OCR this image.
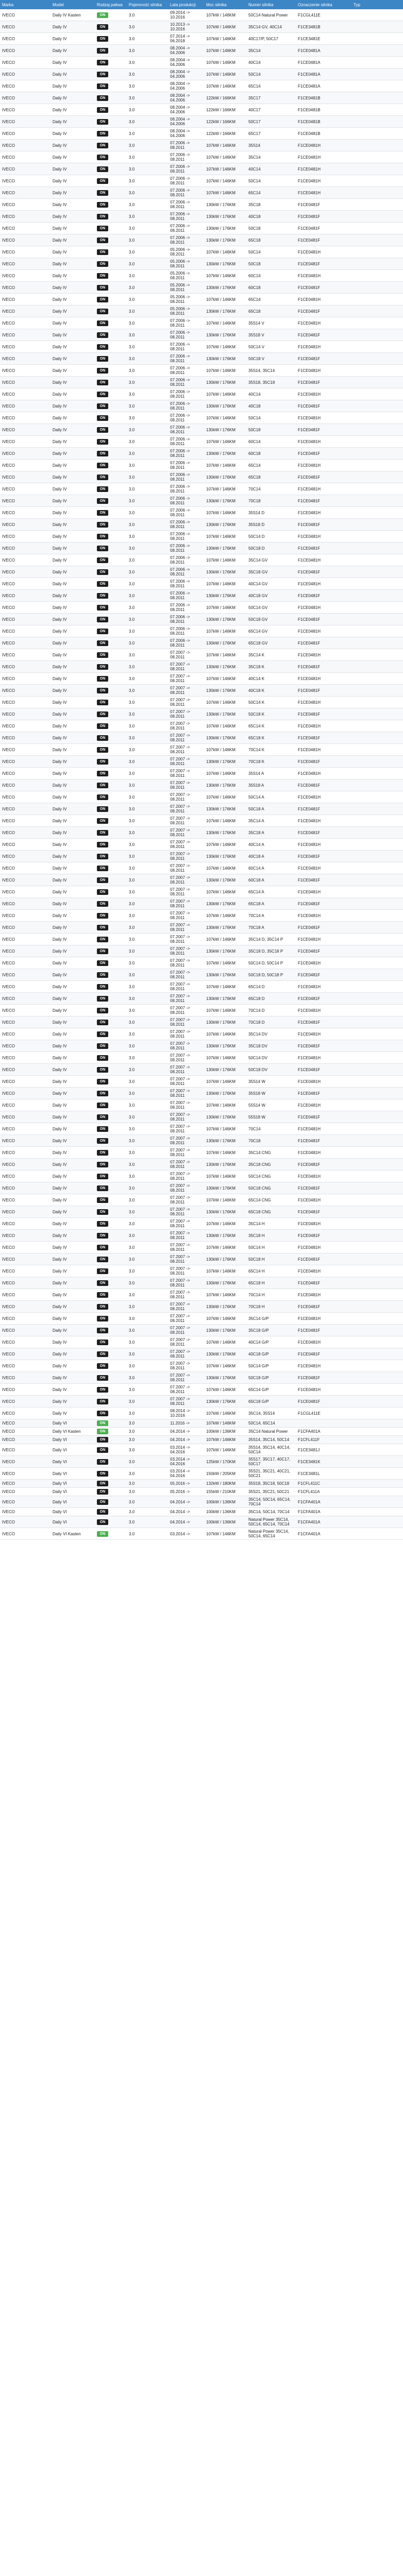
Marka	Model	Rodzaj paliwa	Pojemność silnika	Lata produkcji	Moc silnika	Numer silnika	Oznaczenie silnika	Typ
IVECO	Daily IV Kasten	ON	3.0	09.2014 -> 10.2016	107kW / 146KM	50C14 Natural Power	F1CGL411E	
IVECO	Daily IV	ON	3.0	10.2013 -> 10.2016	107kW / 146KM	35C14 GV, 40C14	F1CE3481B	
IVECO	Daily IV	ON	3.0	07.2014 -> 06.2018	107kW / 146KM	40C17/P, 50C17	F1CE3481E	
IVECO	Daily IV	ON	3.0	08.2004 -> 04.2006	107kW / 146KM	35C14	F1CE0481A	
IVECO	Daily IV	ON	3.0	08.2004 -> 04.2006	107kW / 146KM	40C14	F1CE0481A	
IVECO	Daily IV	ON	3.0	08.2004 -> 04.2006	107kW / 146KM	50C14	F1CE0481A	
IVECO	Daily IV	ON	3.0	08.2004 -> 04.2006	107kW / 146KM	65C14	F1CE0481A	
IVECO	Daily IV	ON	3.0	08.2004 -> 04.2006	122kW / 166KM	35C17	F1CE0481B	
IVECO	Daily IV	ON	3.0	08.2004 -> 04.2006	122kW / 166KM	40C17	F1CE0481B	
IVECO	Daily IV	ON	3.0	08.2004 -> 04.2006	122kW / 166KM	50C17	F1CE0481B	
IVECO	Daily IV	ON	3.0	08.2004 -> 04.2006	122kW / 166KM	65C17	F1CE0481B	
IVECO	Daily IV	ON	3.0	07.2006 -> 08.2011	107kW / 146KM	35S14	F1CE0481H	
IVECO	Daily IV	ON	3.0	07.2006 -> 08.2011	107kW / 146KM	35C14	F1CE0481H	
IVECO	Daily IV	ON	3.0	07.2006 -> 08.2011	107kW / 146KM	40C14	F1CE0481H	
IVECO	Daily IV	ON	3.0	07.2006 -> 08.2011	107kW / 146KM	50C14	F1CE0481H	
IVECO	Daily IV	ON	3.0	07.2006 -> 08.2011	107kW / 146KM	65C14	F1CE0481H	
IVECO	Daily IV	ON	3.0	07.2006 -> 08.2011	130kW / 176KM	35C18	F1CE0481F	
IVECO	Daily IV	ON	3.0	07.2006 -> 08.2011	130kW / 176KM	40C18	F1CE0481F	
IVECO	Daily IV	ON	3.0	07.2006 -> 08.2011	130kW / 176KM	50C18	F1CE0481F	
IVECO	Daily IV	ON	3.0	07.2006 -> 08.2011	130kW / 176KM	65C18	F1CE0481F	
IVECO	Daily IV	ON	3.0	05.2006 -> 08.2011	107kW / 146KM	50C14	F1CE0481H	
IVECO	Daily IV	ON	3.0	05.2006 -> 08.2011	130kW / 176KM	50C18	F1CE0481F	
IVECO	Daily IV	ON	3.0	05.2006 -> 08.2011	107kW / 146KM	60C14	F1CE0481H	
IVECO	Daily IV	ON	3.0	05.2006 -> 08.2011	130kW / 176KM	60C18	F1CE0481F	
IVECO	Daily IV	ON	3.0	05.2006 -> 08.2011	107kW / 146KM	65C14	F1CE0481H	
IVECO	Daily IV	ON	3.0	05.2006 -> 08.2011	130kW / 176KM	65C18	F1CE0481F	
IVECO	Daily IV	ON	3.0	07.2006 -> 08.2011	107kW / 146KM	35S14 V	F1CE0481H	
IVECO	Daily IV	ON	3.0	07.2006 -> 08.2011	130kW / 176KM	35S18 V	F1CE0481F	
IVECO	Daily IV	ON	3.0	07.2006 -> 08.2011	107kW / 146KM	50C14 V	F1CE0481H	
IVECO	Daily IV	ON	3.0	07.2006 -> 08.2011	130kW / 176KM	50C18 V	F1CE0481F	
IVECO	Daily IV	ON	3.0	07.2006 -> 08.2011	107kW / 146KM	35S14, 35C14	F1CE0481H	
IVECO	Daily IV	ON	3.0	07.2006 -> 08.2011	130kW / 176KM	35S18, 35C18	F1CE0481F	
IVECO	Daily IV	ON	3.0	07.2006 -> 08.2011	107kW / 146KM	40C14	F1CE0481H	
IVECO	Daily IV	ON	3.0	07.2006 -> 08.2011	130kW / 176KM	40C18	F1CE0481F	
IVECO	Daily IV	ON	3.0	07.2006 -> 08.2011	107kW / 146KM	50C14	F1CE0481H	
IVECO	Daily IV	ON	3.0	07.2006 -> 08.2011	130kW / 176KM	50C18	F1CE0481F	
IVECO	Daily IV	ON	3.0	07.2006 -> 08.2011	107kW / 146KM	60C14	F1CE0481H	
IVECO	Daily IV	ON	3.0	07.2006 -> 08.2011	130kW / 176KM	60C18	F1CE0481F	
IVECO	Daily IV	ON	3.0	07.2006 -> 08.2011	107kW / 146KM	65C14	F1CE0481H	
IVECO	Daily IV	ON	3.0	07.2006 -> 08.2011	130kW / 176KM	65C18	F1CE0481F	
IVECO	Daily IV	ON	3.0	07.2006 -> 08.2011	107kW / 146KM	70C14	F1CE0481H	
IVECO	Daily IV	ON	3.0	07.2006 -> 08.2011	130kW / 176KM	70C18	F1CE0481F	
IVECO	Daily IV	ON	3.0	07.2006 -> 08.2011	107kW / 146KM	35S14 D	F1CE0481H	
IVECO	Daily IV	ON	3.0	07.2006 -> 08.2011	130kW / 176KM	35S18 D	F1CE0481F	
IVECO	Daily IV	ON	3.0	07.2006 -> 08.2011	107kW / 146KM	50C14 D	F1CE0481H	
IVECO	Daily IV	ON	3.0	07.2006 -> 08.2011	130kW / 176KM	50C18 D	F1CE0481F	
IVECO	Daily IV	ON	3.0	07.2006 -> 08.2011	107kW / 146KM	35C14 GV	F1CE0481H	
IVECO	Daily IV	ON	3.0	07.2006 -> 08.2011	130kW / 176KM	35C18 GV	F1CE0481F	
IVECO	Daily IV	ON	3.0	07.2006 -> 08.2011	107kW / 146KM	40C14 GV	F1CE0481H	
IVECO	Daily IV	ON	3.0	07.2006 -> 08.2011	130kW / 176KM	40C18 GV	F1CE0481F	
IVECO	Daily IV	ON	3.0	07.2006 -> 08.2011	107kW / 146KM	50C14 GV	F1CE0481H	
IVECO	Daily IV	ON	3.0	07.2006 -> 08.2011	130kW / 176KM	50C18 GV	F1CE0481F	
IVECO	Daily IV	ON	3.0	07.2006 -> 08.2011	107kW / 146KM	65C14 GV	F1CE0481H	
IVECO	Daily IV	ON	3.0	07.2006 -> 08.2011	130kW / 176KM	65C18 GV	F1CE0481F	
IVECO	Daily IV	ON	3.0	07.2007 -> 08.2011	107kW / 146KM	35C14 K	F1CE0481H	
IVECO	Daily IV	ON	3.0	07.2007 -> 08.2011	130kW / 176KM	35C18 K	F1CE0481F	
IVECO	Daily IV	ON	3.0	07.2007 -> 08.2011	107kW / 146KM	40C14 K	F1CE0481H	
IVECO	Daily IV	ON	3.0	07.2007 -> 08.2011	130kW / 176KM	40C18 K	F1CE0481F	
IVECO	Daily IV	ON	3.0	07.2007 -> 08.2011	107kW / 146KM	50C14 K	F1CE0481H	
IVECO	Daily IV	ON	3.0	07.2007 -> 08.2011	130kW / 176KM	50C18 K	F1CE0481F	
IVECO	Daily IV	ON	3.0	07.2007 -> 08.2011	107kW / 146KM	65C14 K	F1CE0481H	
IVECO	Daily IV	ON	3.0	07.2007 -> 08.2011	130kW / 176KM	65C18 K	F1CE0481F	
IVECO	Daily IV	ON	3.0	07.2007 -> 08.2011	107kW / 146KM	70C14 K	F1CE0481H	
IVECO	Daily IV	ON	3.0	07.2007 -> 08.2011	130kW / 176KM	70C18 K	F1CE0481F	
IVECO	Daily IV	ON	3.0	07.2007 -> 08.2011	107kW / 146KM	35S14 A	F1CE0481H	
IVECO	Daily IV	ON	3.0	07.2007 -> 08.2011	130kW / 176KM	35S18 A	F1CE0481F	
IVECO	Daily IV	ON	3.0	07.2007 -> 08.2011	107kW / 146KM	50C14 A	F1CE0481H	
IVECO	Daily IV	ON	3.0	07.2007 -> 08.2011	130kW / 176KM	50C18 A	F1CE0481F	
IVECO	Daily IV	ON	3.0	07.2007 -> 08.2011	107kW / 146KM	35C14 A	F1CE0481H	
IVECO	Daily IV	ON	3.0	07.2007 -> 08.2011	130kW / 176KM	35C18 A	F1CE0481F	
IVECO	Daily IV	ON	3.0	07.2007 -> 08.2011	107kW / 146KM	40C14 A	F1CE0481H	
IVECO	Daily IV	ON	3.0	07.2007 -> 08.2011	130kW / 176KM	40C18 A	F1CE0481F	
IVECO	Daily IV	ON	3.0	07.2007 -> 08.2011	107kW / 146KM	60C14 A	F1CE0481H	
IVECO	Daily IV	ON	3.0	07.2007 -> 08.2011	130kW / 176KM	60C18 A	F1CE0481F	
IVECO	Daily IV	ON	3.0	07.2007 -> 08.2011	107kW / 146KM	65C14 A	F1CE0481H	
IVECO	Daily IV	ON	3.0	07.2007 -> 08.2011	130kW / 176KM	65C18 A	F1CE0481F	
IVECO	Daily IV	ON	3.0	07.2007 -> 08.2011	107kW / 146KM	70C14 A	F1CE0481H	
IVECO	Daily IV	ON	3.0	07.2007 -> 08.2011	130kW / 176KM	70C18 A	F1CE0481F	
IVECO	Daily IV	ON	3.0	07.2007 -> 08.2011	107kW / 146KM	35C14 D, 35C14 P	F1CE0481H	
IVECO	Daily IV	ON	3.0	07.2007 -> 08.2011	130kW / 176KM	35C18 D, 35C18 P	F1CE0481F	
IVECO	Daily IV	ON	3.0	07.2007 -> 08.2011	107kW / 146KM	50C14 D, 50C14 P	F1CE0481H	
IVECO	Daily IV	ON	3.0	07.2007 -> 08.2011	130kW / 176KM	50C18 D, 50C18 P	F1CE0481F	
IVECO	Daily IV	ON	3.0	07.2007 -> 08.2011	107kW / 146KM	65C14 D	F1CE0481H	
IVECO	Daily IV	ON	3.0	07.2007 -> 08.2011	130kW / 176KM	65C18 D	F1CE0481F	
IVECO	Daily IV	ON	3.0	07.2007 -> 08.2011	107kW / 146KM	70C14 D	F1CE0481H	
IVECO	Daily IV	ON	3.0	07.2007 -> 08.2011	130kW / 176KM	70C18 D	F1CE0481F	
IVECO	Daily IV	ON	3.0	07.2007 -> 08.2011	107kW / 146KM	35C14 DV	F1CE0481H	
IVECO	Daily IV	ON	3.0	07.2007 -> 08.2011	130kW / 176KM	35C18 DV	F1CE0481F	
IVECO	Daily IV	ON	3.0	07.2007 -> 08.2011	107kW / 146KM	50C14 DV	F1CE0481H	
IVECO	Daily IV	ON	3.0	07.2007 -> 08.2011	130kW / 176KM	50C18 DV	F1CE0481F	
IVECO	Daily IV	ON	3.0	07.2007 -> 08.2011	107kW / 146KM	35S14 W	F1CE0481H	
IVECO	Daily IV	ON	3.0	07.2007 -> 08.2011	130kW / 176KM	35S18 W	F1CE0481F	
IVECO	Daily IV	ON	3.0	07.2007 -> 08.2011	107kW / 146KM	55S14 W	F1CE0481H	
IVECO	Daily IV	ON	3.0	07.2007 -> 08.2011	130kW / 176KM	55S18 W	F1CE0481F	
IVECO	Daily IV	ON	3.0	07.2007 -> 08.2011	107kW / 146KM	70C14	F1CE0481H	
IVECO	Daily IV	ON	3.0	07.2007 -> 08.2011	130kW / 176KM	70C18	F1CE0481F	
IVECO	Daily IV	ON	3.0	07.2007 -> 08.2011	107kW / 146KM	35C14 CNG	F1CE0481H	
IVECO	Daily IV	ON	3.0	07.2007 -> 08.2011	130kW / 176KM	35C18 CNG	F1CE0481F	
IVECO	Daily IV	ON	3.0	07.2007 -> 08.2011	107kW / 146KM	50C14 CNG	F1CE0481H	
IVECO	Daily IV	ON	3.0	07.2007 -> 08.2011	130kW / 176KM	50C18 CNG	F1CE0481F	
IVECO	Daily IV	ON	3.0	07.2007 -> 08.2011	107kW / 146KM	65C14 CNG	F1CE0481H	
IVECO	Daily IV	ON	3.0	07.2007 -> 08.2011	130kW / 176KM	65C18 CNG	F1CE0481F	
IVECO	Daily IV	ON	3.0	07.2007 -> 08.2011	107kW / 146KM	35C14 H	F1CE0481H	
IVECO	Daily IV	ON	3.0	07.2007 -> 08.2011	130kW / 176KM	35C18 H	F1CE0481F	
IVECO	Daily IV	ON	3.0	07.2007 -> 08.2011	107kW / 146KM	50C14 H	F1CE0481H	
IVECO	Daily IV	ON	3.0	07.2007 -> 08.2011	130kW / 176KM	50C18 H	F1CE0481F	
IVECO	Daily IV	ON	3.0	07.2007 -> 08.2011	107kW / 146KM	65C14 H	F1CE0481H	
IVECO	Daily IV	ON	3.0	07.2007 -> 08.2011	130kW / 176KM	65C18 H	F1CE0481F	
IVECO	Daily IV	ON	3.0	07.2007 -> 08.2011	107kW / 146KM	70C14 H	F1CE0481H	
IVECO	Daily IV	ON	3.0	07.2007 -> 08.2011	130kW / 176KM	70C18 H	F1CE0481F	
IVECO	Daily IV	ON	3.0	07.2007 -> 08.2011	107kW / 146KM	35C14 G/P	F1CE0481H	
IVECO	Daily IV	ON	3.0	07.2007 -> 08.2011	130kW / 176KM	35C18 G/P	F1CE0481F	
IVECO	Daily IV	ON	3.0	07.2007 -> 08.2011	107kW / 146KM	40C14 G/P	F1CE0481H	
IVECO	Daily IV	ON	3.0	07.2007 -> 08.2011	130kW / 176KM	40C18 G/P	F1CE0481F	
IVECO	Daily IV	ON	3.0	07.2007 -> 08.2011	107kW / 146KM	50C14 G/P	F1CE0481H	
IVECO	Daily IV	ON	3.0	07.2007 -> 08.2011	130kW / 176KM	50C18 G/P	F1CE0481F	
IVECO	Daily IV	ON	3.0	07.2007 -> 08.2011	107kW / 146KM	65C14 G/P	F1CE0481H	
IVECO	Daily IV	ON	3.0	07.2007 -> 08.2011	130kW / 176KM	65C18 G/P	F1CE0481F	
IVECO	Daily IV	ON	3.0	08.2014 -> 10.2016	107kW / 146KM	35C14, 35S14	F1CGL411E	
IVECO	Daily VI	ON	3.0	11.2016 ->	107kW / 146KM	50C14, 65C14		
IVECO	Daily VI Kasten	ON	3.0	04.2014 ->	100kW / 136KM	35C14 Natural Power	F1CFA401A	
IVECO	Daily VI	ON	3.0	04.2014 ->	107kW / 146KM	35S14, 35C14, 50C14	F1CFL411F	
IVECO	Daily VI	ON	3.0	03.2014 -> 04.2016	107kW / 146KM	35S14, 35C14, 40C14, 50C14	F1CE3481J	
IVECO	Daily VI	ON	3.0	03.2014 -> 04.2016	125kW / 170KM	35S17, 35C17, 40C17, 50C17	F1CE3481K	
IVECO	Daily VI	ON	3.0	03.2014 -> 04.2016	150kW / 205KM	35S21, 35C21, 40C21, 50C21	F1CE3481L	
IVECO	Daily VI	ON	3.0	05.2016 ->	132kW / 180KM	35S18, 35C18, 50C18	F1CFL411C	
IVECO	Daily VI	ON	3.0	05.2016 ->	155kW / 210KM	35S21, 35C21, 50C21	F1CFL411A	
IVECO	Daily VI	ON	3.0	04.2014 ->	100kW / 136KM	35C14, 50C14, 65C14, 70C14	F1CFA401A	
IVECO	Daily VI	ON	3.0	04.2014 ->	100kW / 136KM	35C14, 50C14, 70C14	F1CFA401A	
IVECO	Daily VI	ON	3.0	04.2014 ->	100kW / 136KM	Natural Power 35C14, 50C14, 65C14, 70C14	F1CFA401A	
IVECO	Daily VI Kasten	ON	3.0	03.2014 ->	107kW / 146KM	Natural Power 35C14, 50C14, 65C14	F1CFA401A	
